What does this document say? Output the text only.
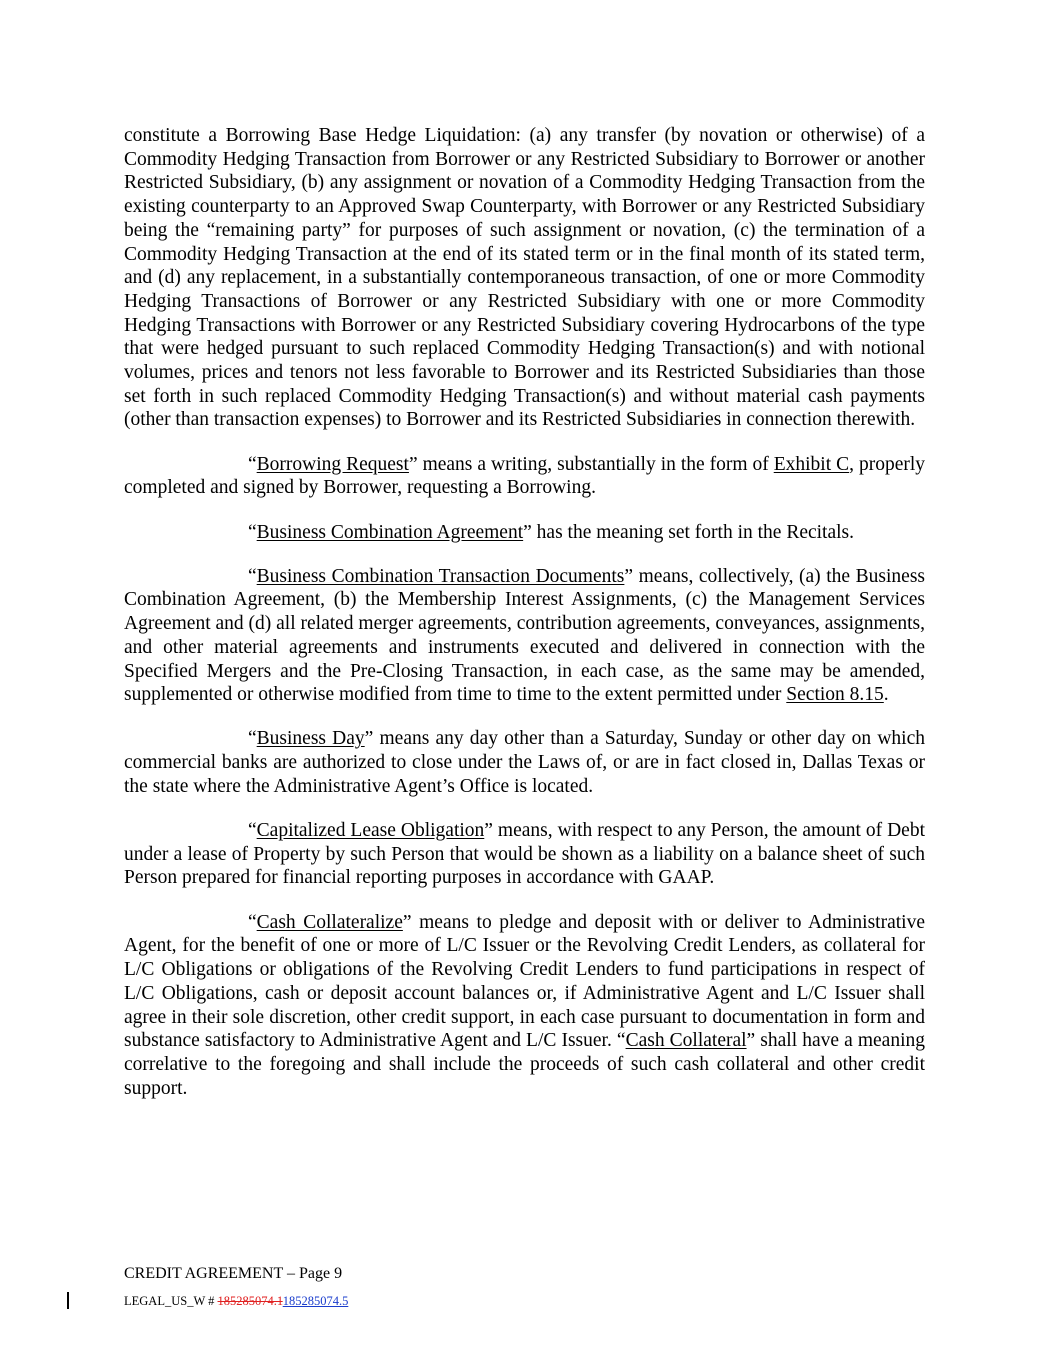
constitute a Borrowing Base Hedge Liquidation: (a) any transfer (by novation or otherwise) of a Commodity Hedging Transaction from Borrower or any Restricted Subsidiary to Borrower or another Restricted Subsidiary, (b) any assignment or novation of a Commodity Hedging Transaction from the existing counterparty to an Approved Swap Counterparty, with Borrower or any Restricted Subsidiary being the “remaining party” for purposes of such assignment or novation, (c) the termination of a Commodity Hedging Transaction at the end of its stated term or in the final month of its stated term, and (d) any replacement, in a substantially contemporaneous transaction, of one or more Commodity Hedging Transactions of Borrower or any Restricted Subsidiary with one or more Commodity Hedging Transactions with Borrower or any Restricted Subsidiary covering Hydrocarbons of the type that were hedged pursuant to such replaced Commodity Hedging Transaction(s) and with notional volumes, prices and tenors not less favorable to Borrower and its Restricted Subsidiaries than those set forth in such replaced Commodity Hedging Transaction(s) and without material cash payments (other than transaction expenses) to Borrower and its Restricted Subsidiaries in connection therewith.

“Borrowing Request” means a writing, substantially in the form of Exhibit C, properly completed and signed by Borrower, requesting a Borrowing.

“Business Combination Agreement” has the meaning set forth in the Recitals.

“Business Combination Transaction Documents” means, collectively, (a) the Business Combination Agreement, (b) the Membership Interest Assignments, (c) the Management Services Agreement and (d) all related merger agreements, contribution agreements, conveyances, assignments, and other material agreements and instruments executed and delivered in connection with the Specified Mergers and the Pre-Closing Transaction, in each case, as the same may be amended, supplemented or otherwise modified from time to time to the extent permitted under Section 8.15.

“Business Day” means any day other than a Saturday, Sunday or other day on which commercial banks are authorized to close under the Laws of, or are in fact closed in, Dallas Texas or the state where the Administrative Agent’s Office is located.

“Capitalized Lease Obligation” means, with respect to any Person, the amount of Debt under a lease of Property by such Person that would be shown as a liability on a balance sheet of such Person prepared for financial reporting purposes in accordance with GAAP.

“Cash Collateralize” means to pledge and deposit with or deliver to Administrative Agent, for the benefit of one or more of L/C Issuer or the Revolving Credit Lenders, as collateral for L/C Obligations or obligations of the Revolving Credit Lenders to fund participations in respect of L/C Obligations, cash or deposit account balances or, if Administrative Agent and L/C Issuer shall agree in their sole discretion, other credit support, in each case pursuant to documentation in form and substance satisfactory to Administrative Agent and L/C Issuer. “Cash Collateral” shall have a meaning correlative to the foregoing and shall include the proceeds of such cash collateral and other credit support.

CREDIT AGREEMENT – Page 9
LEGAL_US_W # 185285074.1185285074.5
